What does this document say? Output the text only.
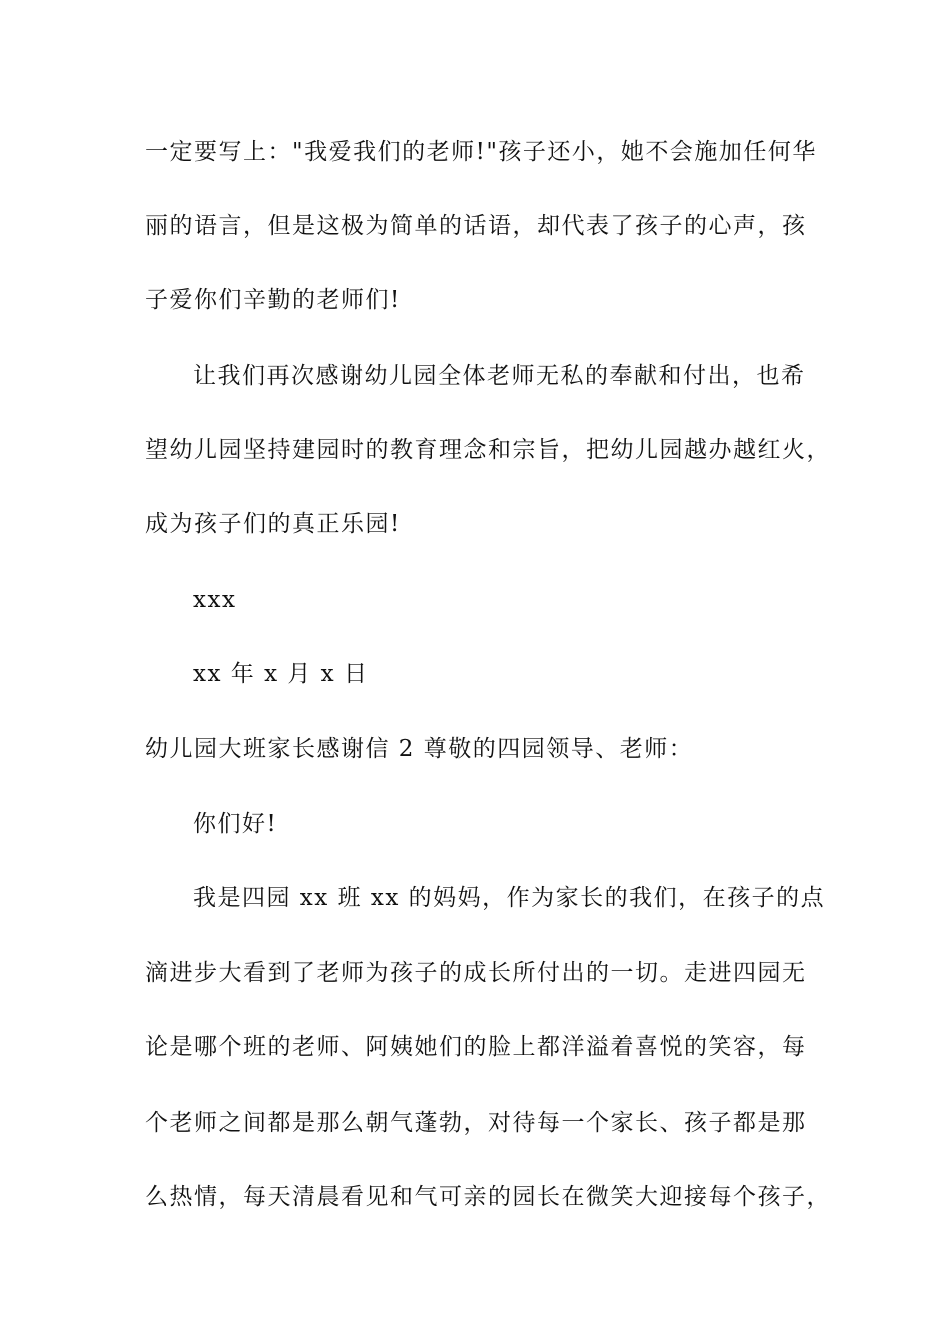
一定要写上："我爱我们的老师!"孩子还小，她不会施加任何华
丽的语言，但是这极为简单的话语，却代表了孩子的心声，孩
子爱你们辛勤的老师们!
让我们再次感谢幼儿园全体老师无私的奉献和付出，也希
望幼儿园坚持建园时的教育理念和宗旨，把幼儿园越办越红火，
成为孩子们的真正乐园!
xxx
xx 年 x 月 x 日
幼儿园大班家长感谢信 2 尊敬的四园领导、老师：
你们好!
我是四园 xx 班 xx 的妈妈，作为家长的我们，在孩子的点
滴进步大看到了老师为孩子的成长所付出的一切。走进四园无
论是哪个班的老师、阿姨她们的脸上都洋溢着喜悦的笑容，每
个老师之间都是那么朝气蓬勃，对待每一个家长、孩子都是那
么热情，每天清晨看见和气可亲的园长在微笑大迎接每个孩子，
